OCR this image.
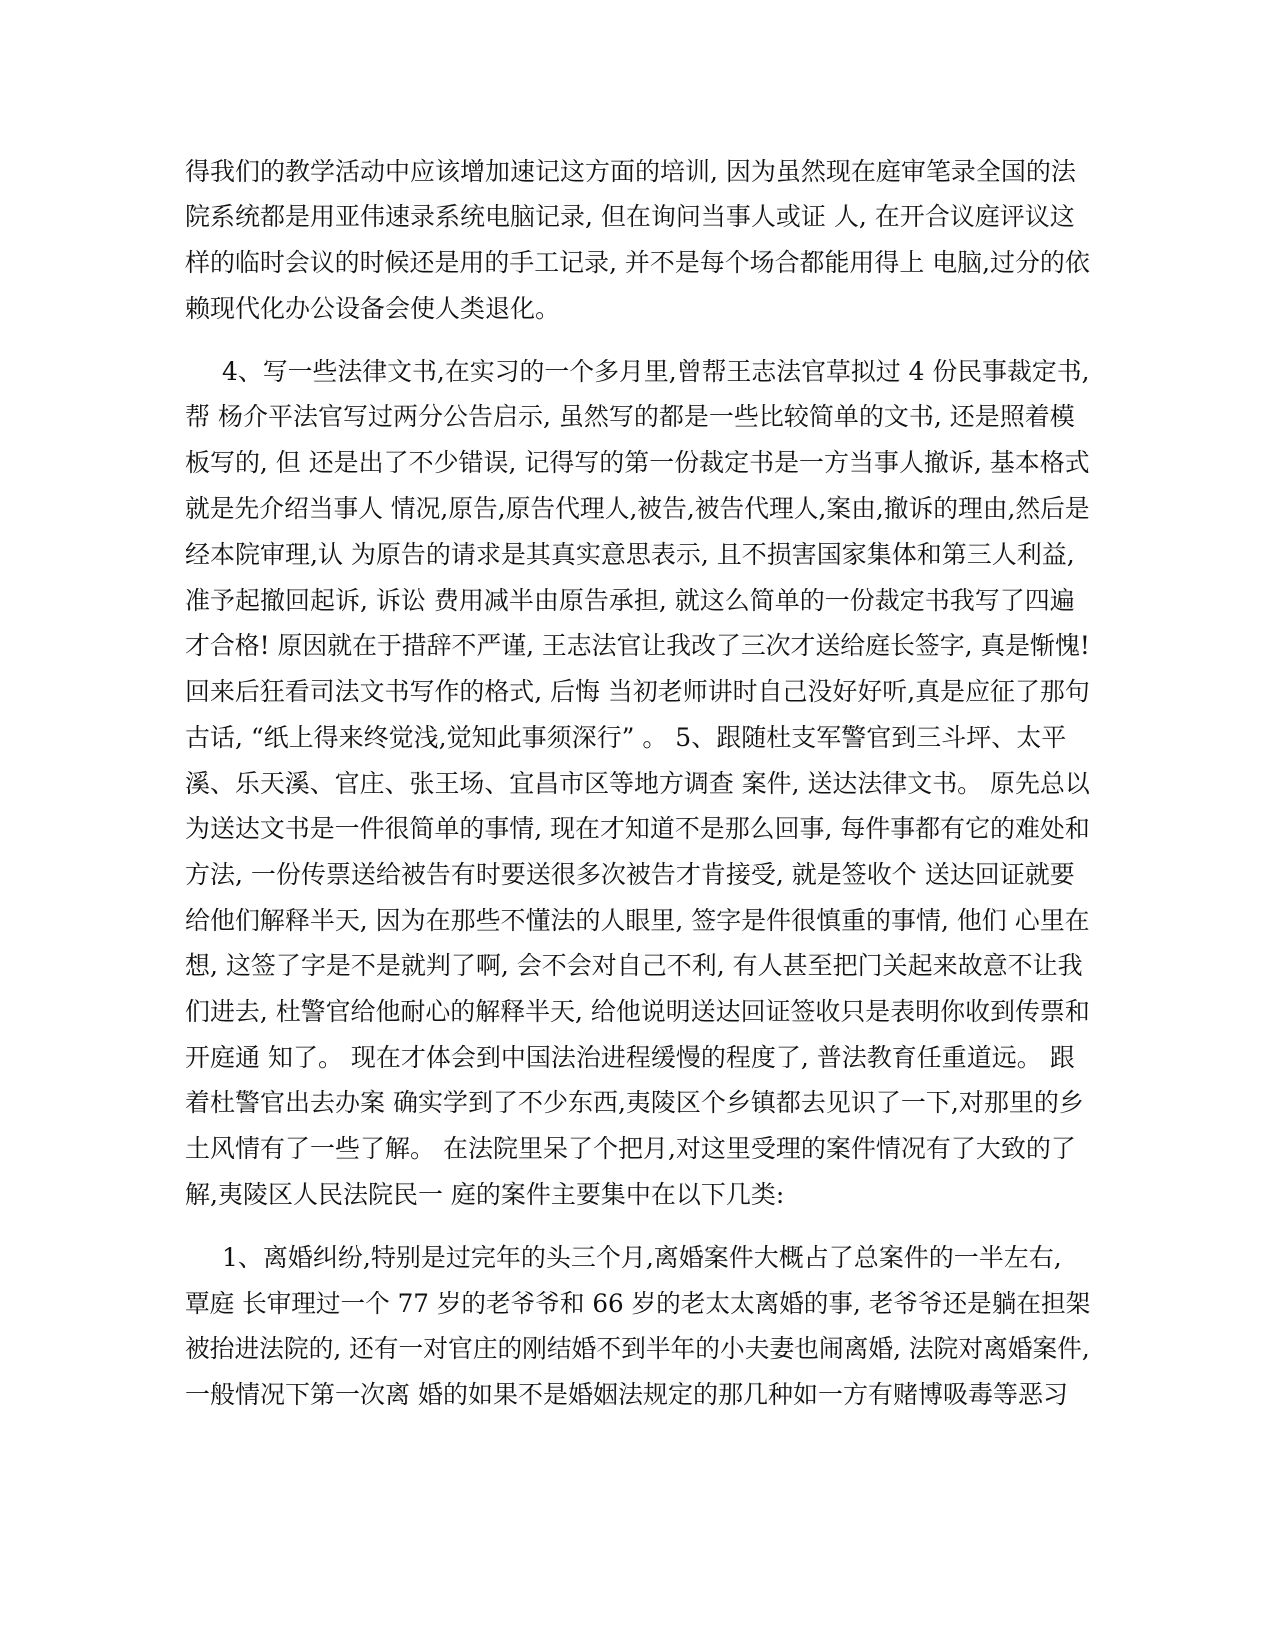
得我们的教学活动中应该增加速记这方面的培训, 因为虽然现在庭审笔录全国的法
院系统都是用亚伟速录系统电脑记录, 但在询问当事人或证 人, 在开合议庭评议这
样的临时会议的时候还是用的手工记录, 并不是每个场合都能用得上 电脑,过分的依
赖现代化办公设备会使人类退化。
4、写一些法律文书,在实习的一个多月里,曾帮王志法官草拟过 4 份民事裁定书,
帮 杨介平法官写过两分公告启示, 虽然写的都是一些比较简单的文书, 还是照着模
板写的, 但 还是出了不少错误, 记得写的第一份裁定书是一方当事人撤诉, 基本格式
就是先介绍当事人 情况,原告,原告代理人,被告,被告代理人,案由,撤诉的理由,然后是
经本院审理,认 为原告的请求是其真实意思表示, 且不损害国家集体和第三人利益,
准予起撤回起诉, 诉讼 费用减半由原告承担, 就这么简单的一份裁定书我写了四遍
才合格! 原因就在于措辞不严谨, 王志法官让我改了三次才送给庭长签字, 真是惭愧!
回来后狂看司法文书写作的格式, 后悔 当初老师讲时自己没好好听,真是应征了那句
古话, “纸上得来终觉浅,觉知此事须深行” 。 5、跟随杜支军警官到三斗坪、太平
溪、乐天溪、官庄、张王场、宜昌市区等地方调查 案件, 送达法律文书。 原先总以
为送达文书是一件很简单的事情, 现在才知道不是那么回事, 每件事都有它的难处和
方法, 一份传票送给被告有时要送很多次被告才肯接受, 就是签收个 送达回证就要
给他们解释半天, 因为在那些不懂法的人眼里, 签字是件很慎重的事情, 他们 心里在
想, 这签了字是不是就判了啊, 会不会对自己不利, 有人甚至把门关起来故意不让我
们进去, 杜警官给他耐心的解释半天, 给他说明送达回证签收只是表明你收到传票和
开庭通 知了。 现在才体会到中国法治进程缓慢的程度了, 普法教育任重道远。 跟
着杜警官出去办案 确实学到了不少东西,夷陵区个乡镇都去见识了一下,对那里的乡
土风情有了一些了解。 在法院里呆了个把月,对这里受理的案件情况有了大致的了
解,夷陵区人民法院民一 庭的案件主要集中在以下几类:
1、离婚纠纷,特别是过完年的头三个月,离婚案件大概占了总案件的一半左右,
覃庭 长审理过一个 77 岁的老爷爷和 66 岁的老太太离婚的事, 老爷爷还是躺在担架
被抬进法院的, 还有一对官庄的刚结婚不到半年的小夫妻也闹离婚, 法院对离婚案件,
一般情况下第一次离 婚的如果不是婚姻法规定的那几种如一方有赌博吸毒等恶习
